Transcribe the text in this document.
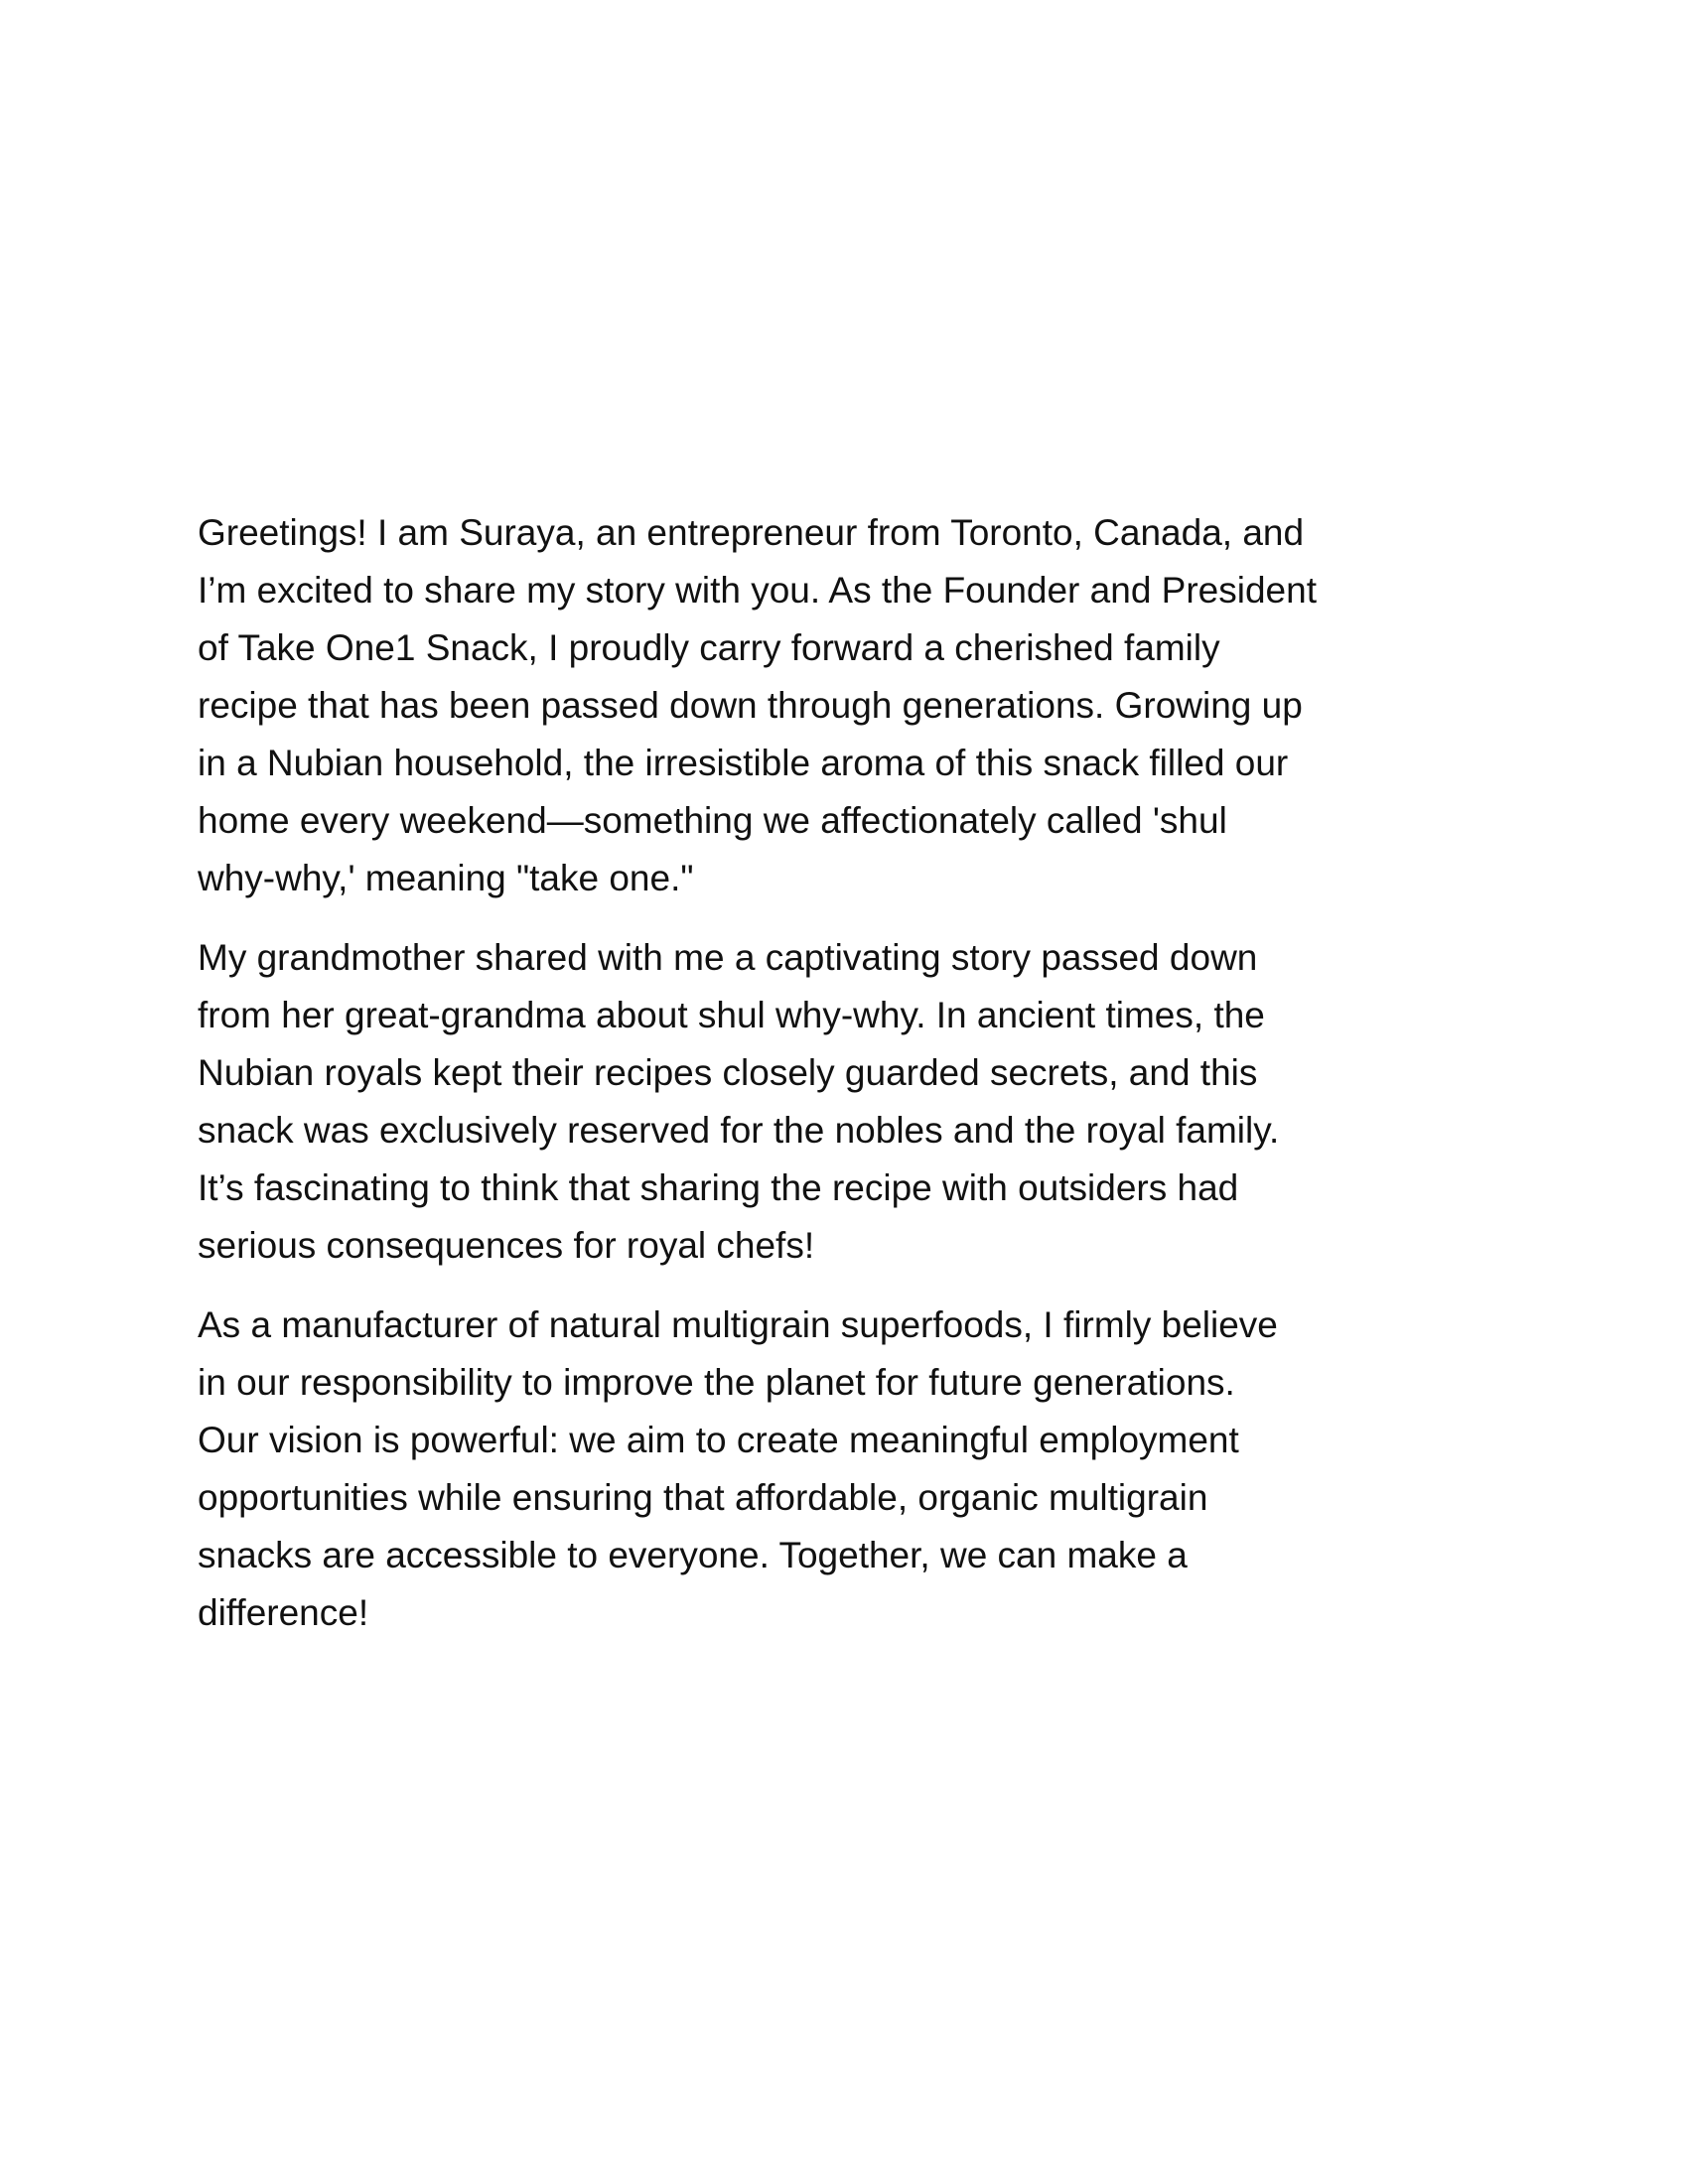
Greetings! I am Suraya, an entrepreneur from Toronto, Canada, and
I’m excited to share my story with you. As the Founder and President
of Take One1 Snack, I proudly carry forward a cherished family
recipe that has been passed down through generations. Growing up
in a Nubian household, the irresistible aroma of this snack filled our
home every weekend—something we affectionately called 'shul
why-why,' meaning "take one."

My grandmother shared with me a captivating story passed down
from her great-grandma about shul why-why. In ancient times, the
Nubian royals kept their recipes closely guarded secrets, and this
snack was exclusively reserved for the nobles and the royal family.
It’s fascinating to think that sharing the recipe with outsiders had
serious consequences for royal chefs!

As a manufacturer of natural multigrain superfoods, I firmly believe
in our responsibility to improve the planet for future generations.
Our vision is powerful: we aim to create meaningful employment
opportunities while ensuring that affordable, organic multigrain
snacks are accessible to everyone. Together, we can make a
difference!
